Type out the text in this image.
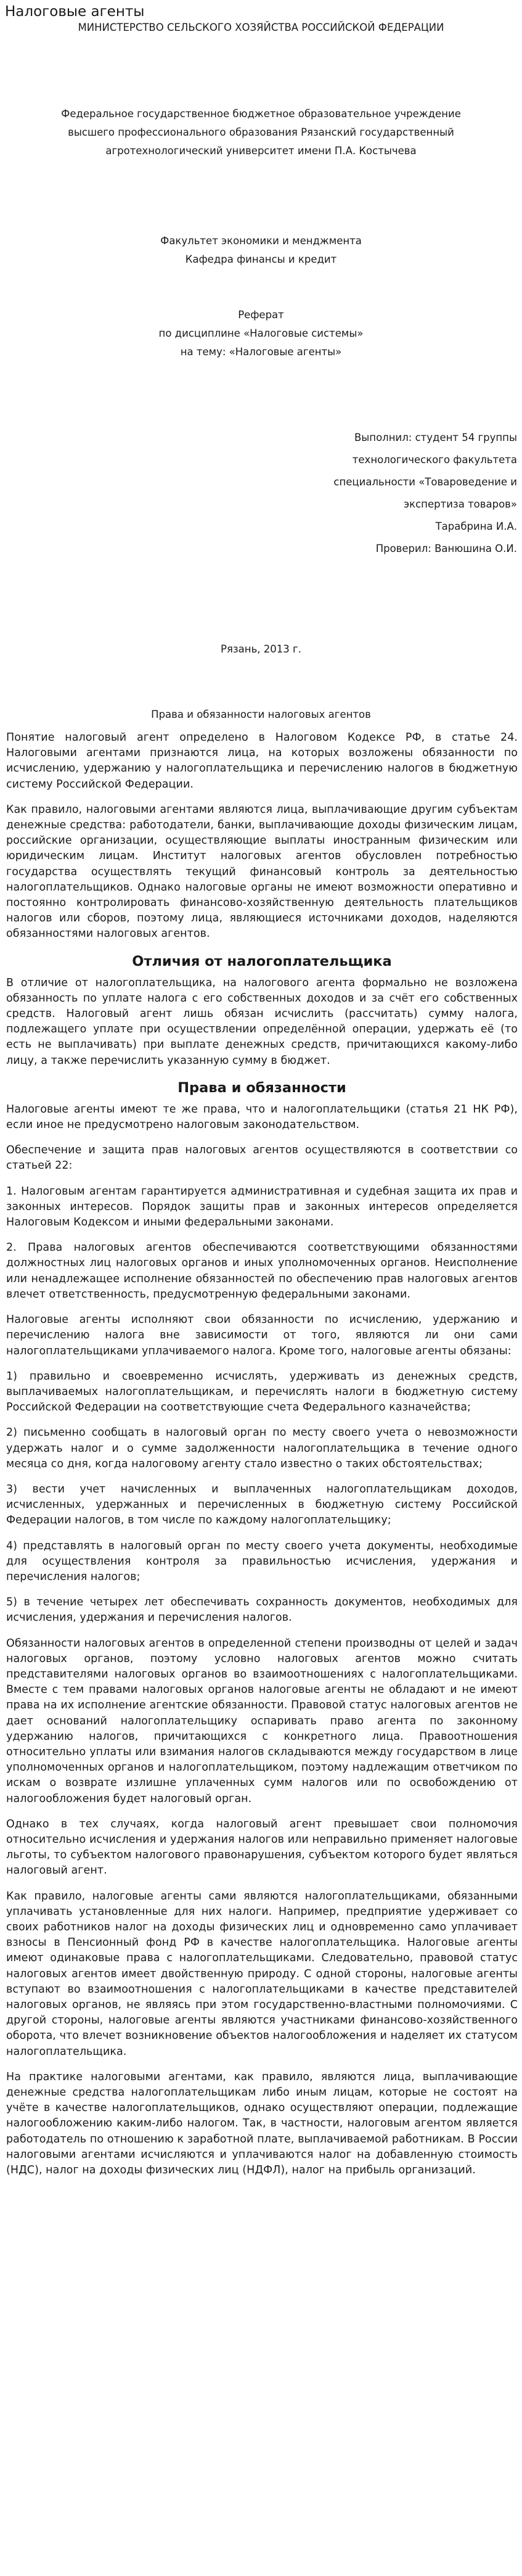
Налоговые агенты

МИНИСТЕРСТВО СЕЛЬСКОГО ХОЗЯЙСТВА РОССИЙСКОЙ ФЕДЕРАЦИИ

Федеральное государственное бюджетное образовательное учреждение

высшего профессионального образования Рязанский государственный

агротехнологический университет имени П.А. Костычева

Факультет экономики и менджмента

Кафедра финансы и кредит

Реферат

по дисциплине «Налоговые системы»

на тему: «Налоговые агенты»

Выполнил: студент 54 группы

технологического факультета

специальности «Товароведение и

экспертиза товаров»

Тарабрина И.А.

Проверил: Ванюшина О.И.

Рязань, 2013 г.

Права и обязанности налоговых агентов

Понятие налоговый агент определено в Налоговом Кодексе РФ, в статье 24. Налоговыми агентами признаются лица, на которых возложены обязанности по исчислению, удержанию у налогоплательщика и перечислению налогов в бюджетную систему Российской Федерации.

Как правило, налоговыми агентами являются лица, выплачивающие другим субъектам денежные средства: работодатели, банки, выплачивающие доходы физическим лицам, российские организации, осуществляющие выплаты иностранным физическим или юридическим лицам. Институт налоговых агентов обусловлен потребностью государства осуществлять текущий финансовый контроль за деятельностью налогоплательщиков. Однако налоговые органы не имеют возможности оперативно и постоянно контролировать финансово-хозяйственную деятельность плательщиков налогов или сборов, поэтому лица, являющиеся источниками доходов, наделяются обязанностями налоговых агентов.

Отличия от налогоплательщика

В отличие от налогоплательщика, на налогового агента формально не возложена обязанность по уплате налога с его собственных доходов и за счёт его собственных средств. Налоговый агент лишь обязан исчислить (рассчитать) сумму налога, подлежащего уплате при осуществлении определённой операции, удержать её (то есть не выплачивать) при выплате денежных средств, причитающихся какому-либо лицу, а также перечислить указанную сумму в бюджет.

Права и обязанности

Налоговые агенты имеют те же права, что и налогоплательщики (статья 21 НК РФ), если иное не предусмотрено налоговым законодательством.

Обеспечение и защита прав налоговых агентов осуществляются в соответствии со статьей 22:

1. Налоговым агентам гарантируется административная и судебная защита их прав и законных интересов. Порядок защиты прав и законных интересов определяется Налоговым Кодексом и иными федеральными законами.

2. Права налоговых агентов обеспечиваются соответствующими обязанностями должностных лиц налоговых органов и иных уполномоченных органов. Неисполнение или ненадлежащее исполнение обязанностей по обеспечению прав налоговых агентов влечет ответственность, предусмотренную федеральными законами.

Налоговые агенты исполняют свои обязанности по исчислению, удержанию и перечислению налога вне зависимости от того, являются ли они сами налогоплательщиками уплачиваемого налога. Кроме того, налоговые агенты обязаны:

1) правильно и своевременно исчислять, удерживать из денежных средств, выплачиваемых налогоплательщикам, и перечислять налоги в бюджетную систему Российской Федерации на соответствующие счета Федерального казначейства;

2) письменно сообщать в налоговый орган по месту своего учета о невозможности удержать налог и о сумме задолженности налогоплательщика в течение одного месяца со дня, когда налоговому агенту стало известно о таких обстоятельствах;

3) вести учет начисленных и выплаченных налогоплательщикам доходов, исчисленных, удержанных и перечисленных в бюджетную систему Российской Федерации налогов, в том числе по каждому налогоплательщику;

4) представлять в налоговый орган по месту своего учета документы, необходимые для осуществления контроля за правильностью исчисления, удержания и перечисления налогов;

5) в течение четырех лет обеспечивать сохранность документов, необходимых для исчисления, удержания и перечисления налогов.

Обязанности налоговых агентов в определенной степени производны от целей и задач налоговых органов, поэтому условно налоговых агентов можно считать представителями налоговых органов во взаимоотношениях с налогоплательщиками. Вместе с тем правами налоговых органов налоговые агенты не обладают и не имеют права на их исполнение агентские обязанности. Правовой статус налоговых агентов не дает оснований налогоплательщику оспаривать право агента по законному удержанию налогов, причитающихся с конкретного лица. Правоотношения относительно уплаты или взимания налогов складываются между государством в лице уполномоченных органов и налогоплательщиком, поэтому надлежащим ответчиком по искам о возврате излишне уплаченных сумм налогов или по освобождению от налогообложения будет налоговый орган.

Однако в тех случаях, когда налоговый агент превышает свои полномочия относительно исчисления и удержания налогов или неправильно применяет налоговые льготы, то субъектом налогового правонарушения, субъектом которого будет являться налоговый агент.

Как правило, налоговые агенты сами являются налогоплательщиками, обязанными уплачивать установленные для них налоги. Например, предприятие удерживает со своих работников налог на доходы физических лиц и одновременно само уплачивает взносы в Пенсионный фонд РФ в качестве налогоплательщика. Налоговые агенты имеют одинаковые права с налогоплательщиками. Следовательно, правовой статус налоговых агентов имеет двойственную природу. С одной стороны, налоговые агенты вступают во взаимоотношения с налогоплательщиками в качестве представителей налоговых органов, не являясь при этом государственно-властными полномочиями. С другой стороны, налоговые агенты являются участниками финансово-хозяйственного оборота, что влечет возникновение объектов налогообложения и наделяет их статусом налогоплательщика.

На практике налоговыми агентами, как правило, являются лица, выплачивающие денежные средства налогоплательщикам либо иным лицам, которые не состоят на учёте в качестве налогоплательщиков, однако осуществляют операции, подлежащие налогообложению каким-либо налогом. Так, в частности, налоговым агентом является работодатель по отношению к заработной плате, выплачиваемой работникам. В России налоговыми агентами исчисляются и уплачиваются налог на добавленную стоимость (НДС), налог на доходы физических лиц (НДФЛ), налог на прибыль организаций.
